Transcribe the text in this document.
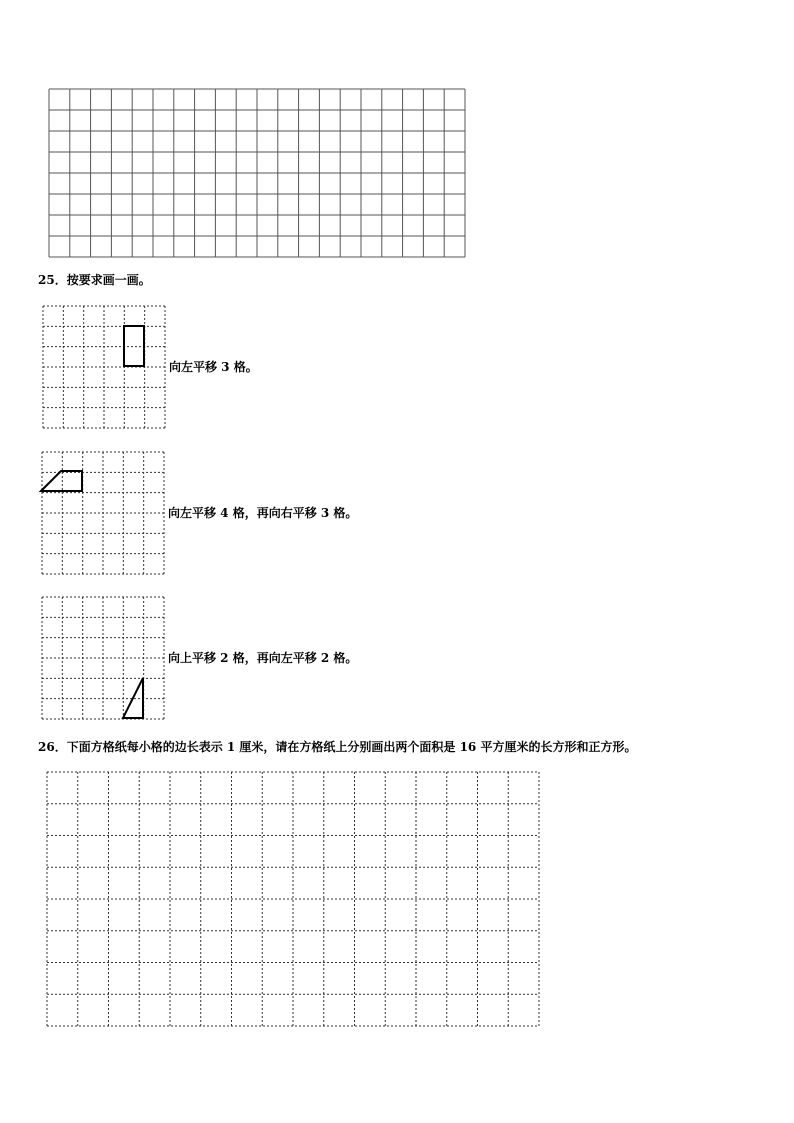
25．按要求画一画。
向左平移 3 格。
向左平移 4 格，再向右平移 3 格。
向上平移 2 格，再向左平移 2 格。
26．下面方格纸每小格的边长表示 1 厘米，请在方格纸上分别画出两个面积是 16 平方厘米的长方形和正方形。
